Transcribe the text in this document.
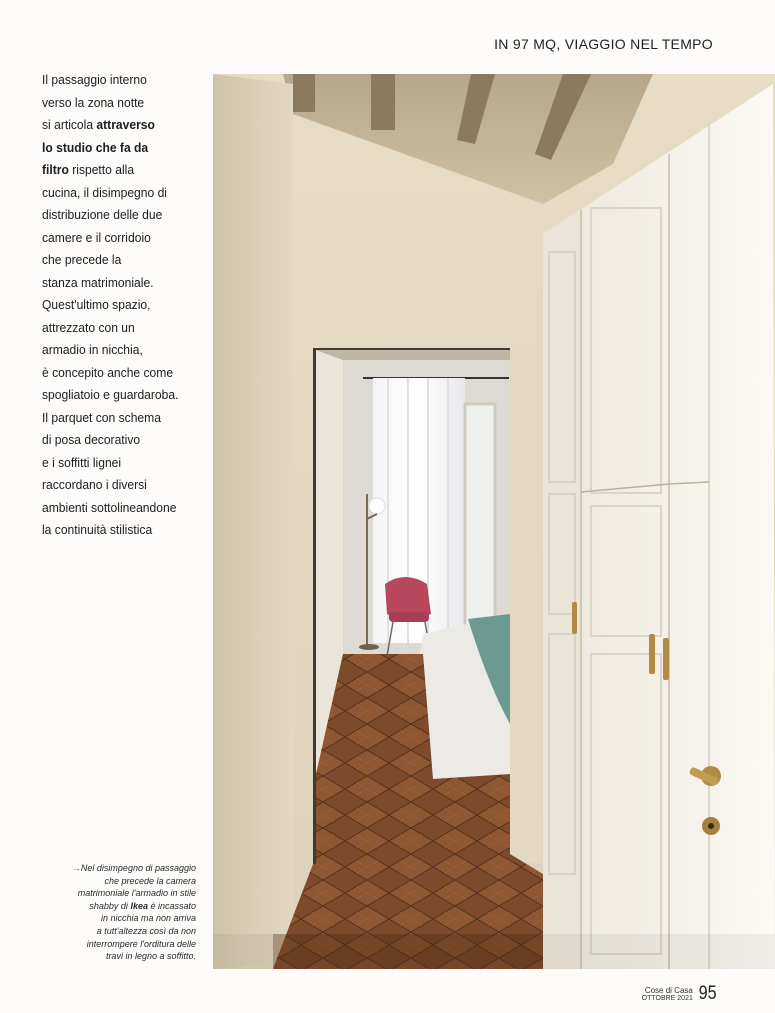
IN 97 MQ, VIAGGIO NEL TEMPO
Il passaggio interno
verso la zona notte
si articola attraverso
lo studio che fa da
filtro rispetto alla
cucina, il disimpegno di
distribuzione delle due
camere e il corridoio
che precede la
stanza matrimoniale.
Quest'ultimo spazio,
attrezzato con un
armadio in nicchia,
è concepito anche come
spogliatoio e guardaroba.
Il parquet con schema
di posa decorativo
e i soffitti lignei
raccordano i diversi
ambienti sottolineandone
la continuità stilistica
→Nel disimpegno di passaggio
che precede la camera
matrimoniale l'armadio in stile
shabby di Ikea è incassato
in nicchia ma non arriva
a tutt'altezza così da non
interrompere l'orditura delle
travi in legno a soffitto.
Cose di Casa
OTTOBRE 2021 95
